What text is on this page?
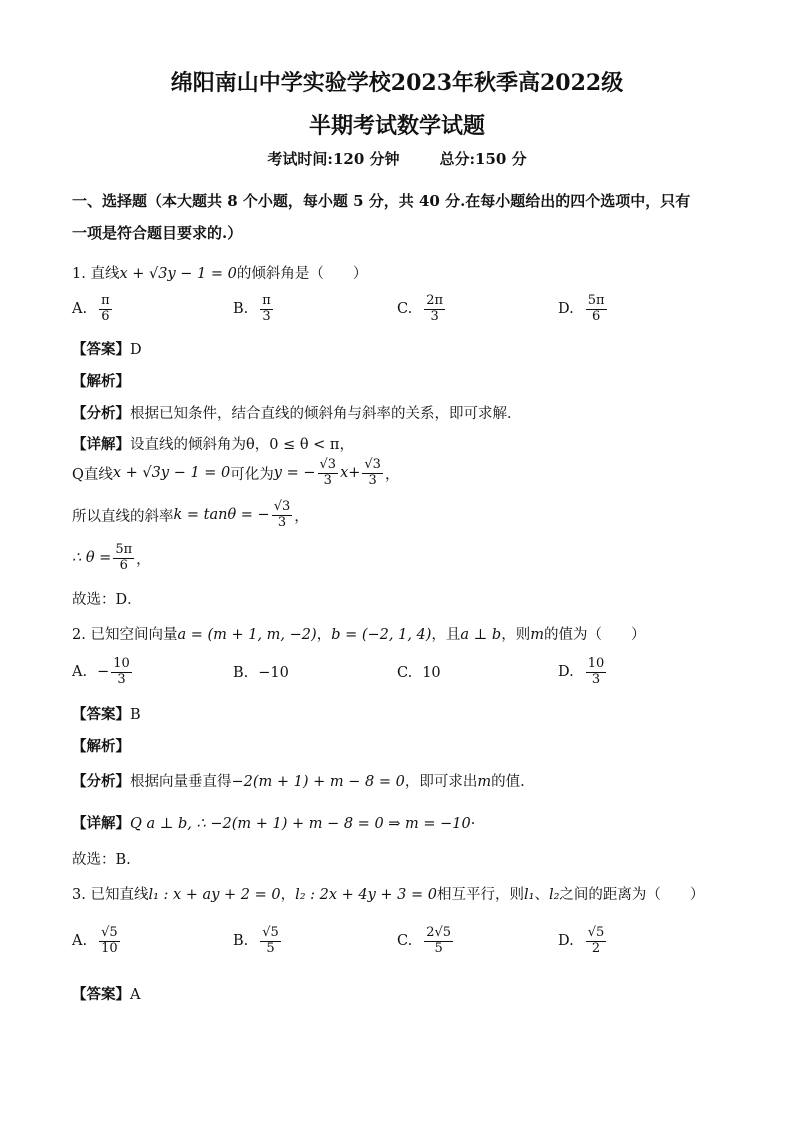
绵阳南山中学实验学校2023年秋季高2022级
半期考试数学试题
考试时间:120 分钟	总分:150 分
一、选择题（本大题共 8 个小题，每小题 5 分，共 40 分.在每小题给出的四个选项中，只有
一项是符合题目要求的.）
1. 直线x + √3y − 1 = 0的倾斜角是（　　）
A. $\frac{\pi}{6}$	B. $\frac{\pi}{3}$	C. $\frac{2\pi}{3}$	D. $\frac{5\pi}{6}$
【答案】D
【解析】
【分析】根据已知条件，结合直线的倾斜角与斜率的关系，即可求解．
【详解】设直线的倾斜角为θ，0 ≤ θ < π，
Q直线 x + √3y − 1 = 0 可化为 y = − $\frac{√3}{3} x+ \frac{√3}{3}$ ，
所以直线的斜率 k = tanθ = − $\frac{√3}{3}$ ，
∴ $\theta = \frac{5\pi}{6}$ ，
故选：D．
2. 已知空间向量a = (m + 1, m, −2)，b = (−2, 1, 4)，且a ⊥ b，则m的值为（　　）
A. − $\frac{10}{3}$	B. −10	C. 10	D. $\frac{10}{3}$
【答案】B
【解析】
【分析】根据向量垂直得−2(m + 1) + m − 8 = 0，即可求出m的值.
【详解】Q a ⊥ b, ∴ −2(m + 1) + m − 8 = 0 ⇒ m = −10·
故选：B.
3. 已知直线l₁ : x + ay + 2 = 0，l₂ : 2x + 4y + 3 = 0相互平行，则l₁、l₂之间的距离为（　　）
A. $\frac{√5}{10}$	B. $\frac{√5}{5}$	C. $\frac{2√5}{5}$	D. $\frac{√5}{2}$
【答案】A
